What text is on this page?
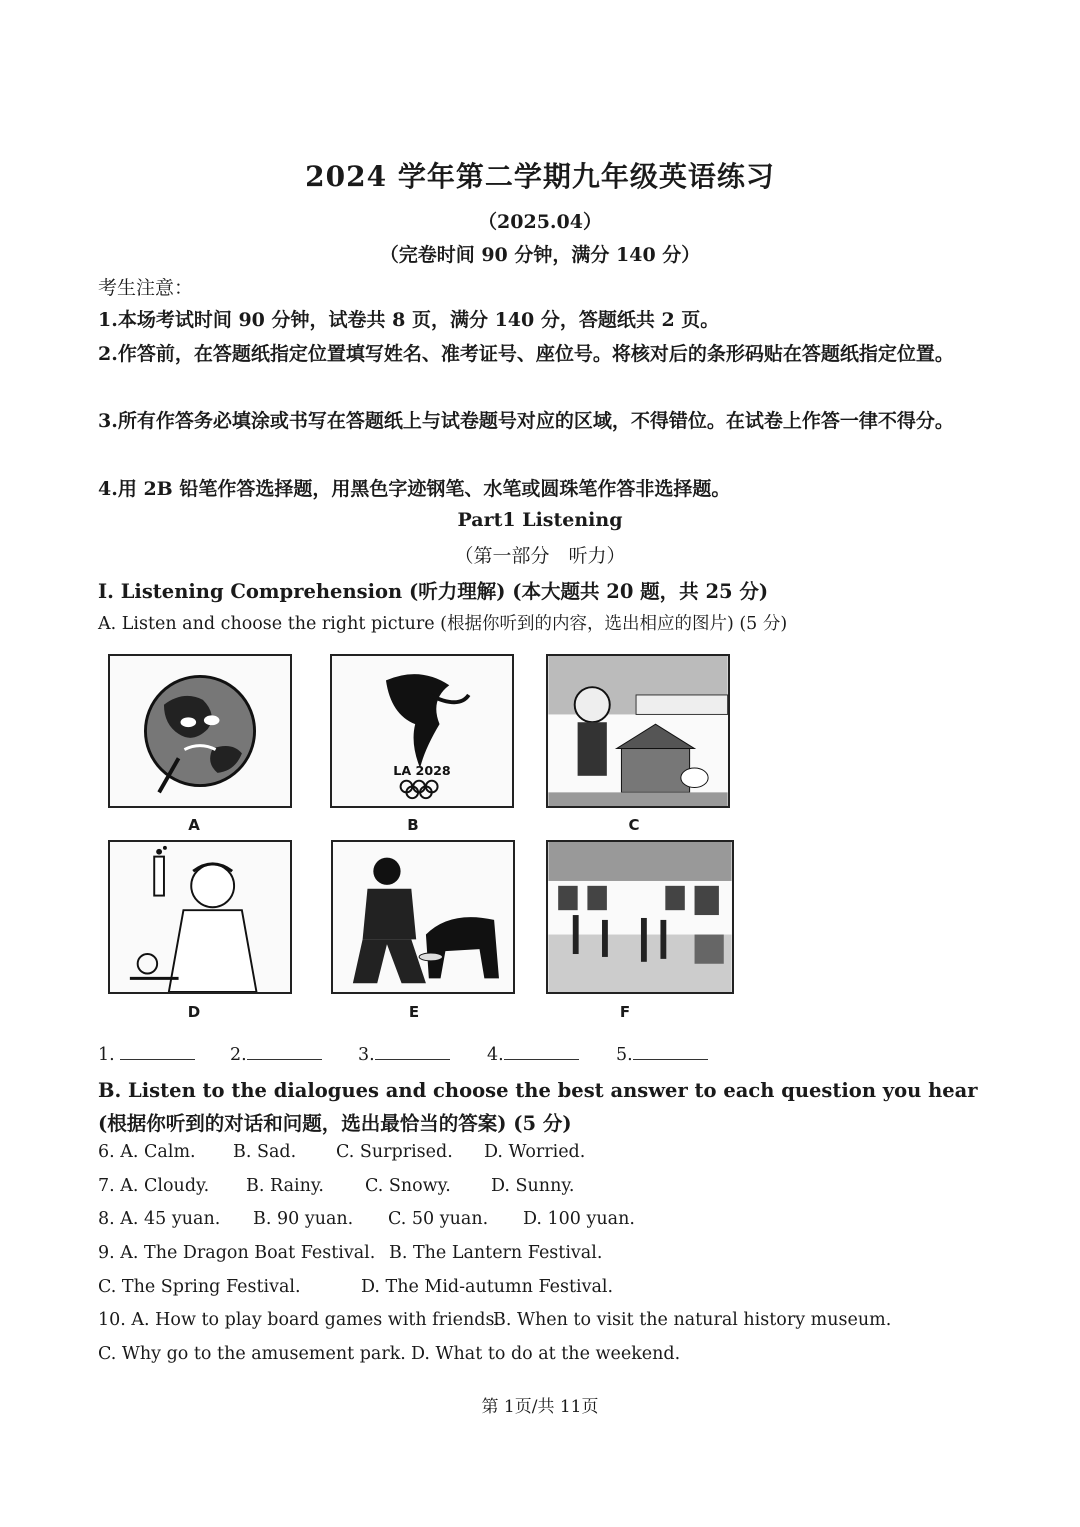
2024 学年第二学期九年级英语练习
（2025.04）
（完卷时间 90 分钟，满分 140 分）
考生注意：
1.本场考试时间 90 分钟，试卷共 8 页，满分 140 分，答题纸共 2 页。
2.作答前，在答题纸指定位置填写姓名、准考证号、座位号。将核对后的条形码贴在答题纸指定位置。
3.所有作答务必填涂或书写在答题纸上与试卷题号对应的区域，不得错位。在试卷上作答一律不得分。
4.用 2B 铅笔作答选择题，用黑色字迹钢笔、水笔或圆珠笔作答非选择题。
Part1 Listening
（第一部分　听力）
I. Listening Comprehension (听力理解) (本大题共 20 题，共 25 分)
A. Listen and choose the right picture (根据你听到的内容，选出相应的图片) (5 分)
A
LA 2028
B	C
D	E	F
1.	2.	3.	4.	5.
B. Listen to the dialogues and choose the best answer to each question you hear (根据你听到的对话和问题，选出最恰当的答案) (5 分)
6. A. Calm. B. Sad. C. Surprised. D. Worried.
7. A. Cloudy. B. Rainy. C. Snowy. D. Sunny.
8. A. 45 yuan. B. 90 yuan. C. 50 yuan. D. 100 yuan.
9. A. The Dragon Boat Festival. B. The Lantern Festival.
C. The Spring Festival.	D. The Mid-autumn Festival.
10. A. How to play board games with friends.
B. When to visit the natural history museum.
C. Why go to the amusement park. D. What to do at the weekend.
第 1页/共 11页
